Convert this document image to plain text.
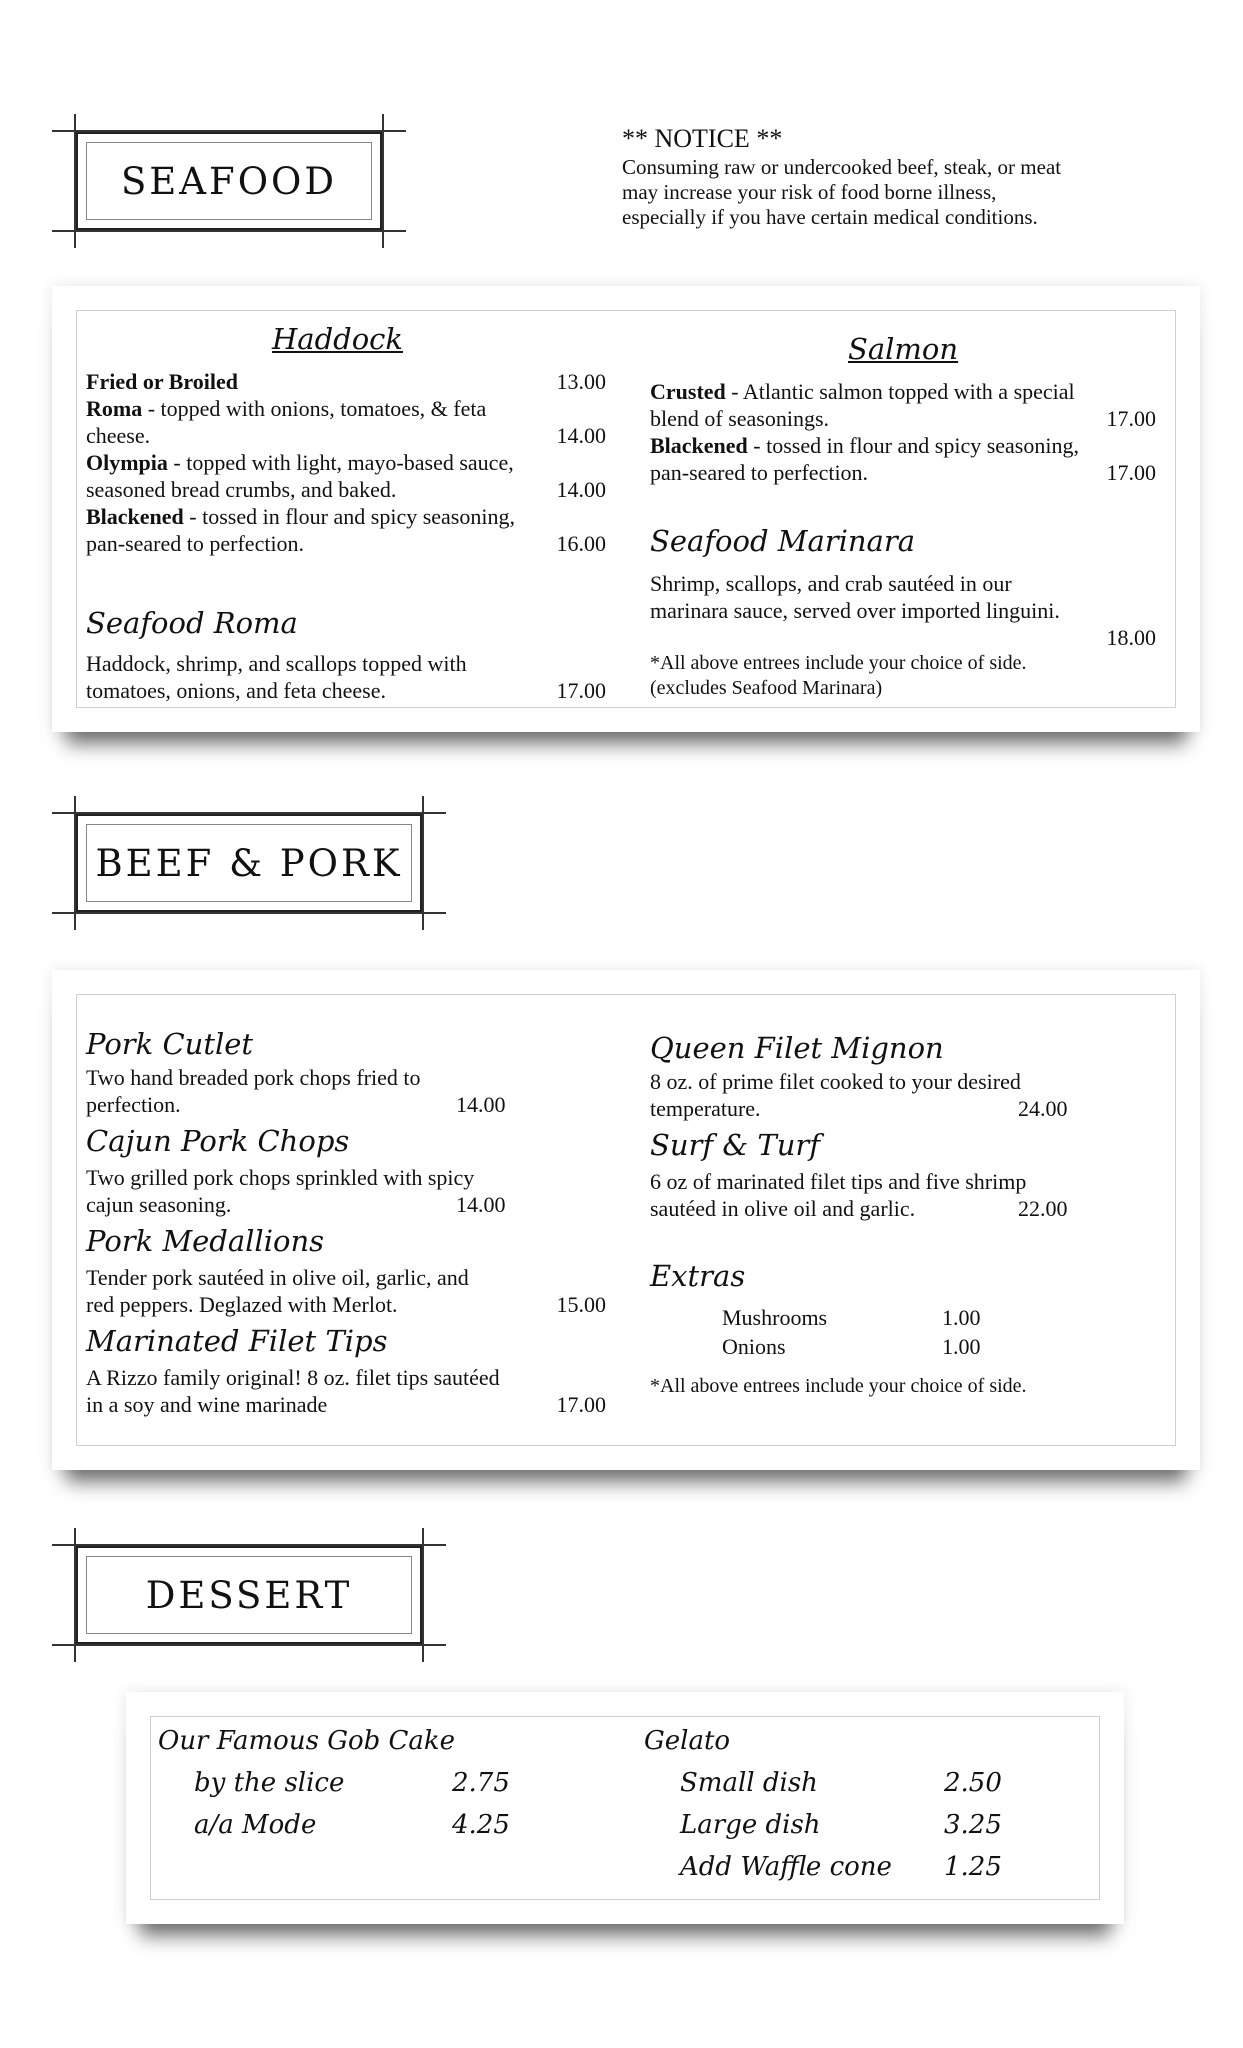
** NOTICE **
Consuming raw or undercooked beef, steak, or meat
may increase your risk of food borne illness,
especially if you have certain medical conditions.
SEAFOOD
Haddock
Fried or Broiled	13.00
Roma - topped with onions, tomatoes, & feta
cheese.	14.00
Olympia - topped with light, mayo-based sauce,
seasoned bread crumbs, and baked.	14.00
Blackened - tossed in flour and spicy seasoning,
pan-seared to perfection.	16.00
Seafood Roma
Haddock, shrimp, and scallops topped with
tomatoes, onions, and feta cheese.	17.00
Salmon
Crusted - Atlantic salmon topped with a special
blend of seasonings.	17.00
Blackened - tossed in flour and spicy seasoning,
pan-seared to perfection.	17.00
Seafood Marinara
Shrimp, scallops, and crab sautéed in our
marinara sauce, served over imported linguini.
18.00
*All above entrees include your choice of side.
(excludes Seafood Marinara)
BEEF & PORK
Pork Cutlet
Two hand breaded pork chops fried to
perfection.	14.00
Cajun Pork Chops
Two grilled pork chops sprinkled with spicy
cajun seasoning.	14.00
Pork Medallions
Tender pork sautéed in olive oil, garlic, and
red peppers. Deglazed with Merlot.	15.00
Marinated Filet Tips
A Rizzo family original! 8 oz. filet tips sautéed
in a soy and wine marinade	17.00
Queen Filet Mignon
8 oz. of prime filet cooked to your desired
temperature.	24.00
Surf & Turf
6 oz of marinated filet tips and five shrimp
sautéed in olive oil and garlic.	22.00
Extras
Mushrooms	1.00
Onions	1.00
*All above entrees include your choice of side.
DESSERT
Our Famous Gob Cake
by the slice	2.75
a/a Mode	4.25
Gelato
Small dish	2.50
Large dish	3.25
Add Waffle cone 1.25
